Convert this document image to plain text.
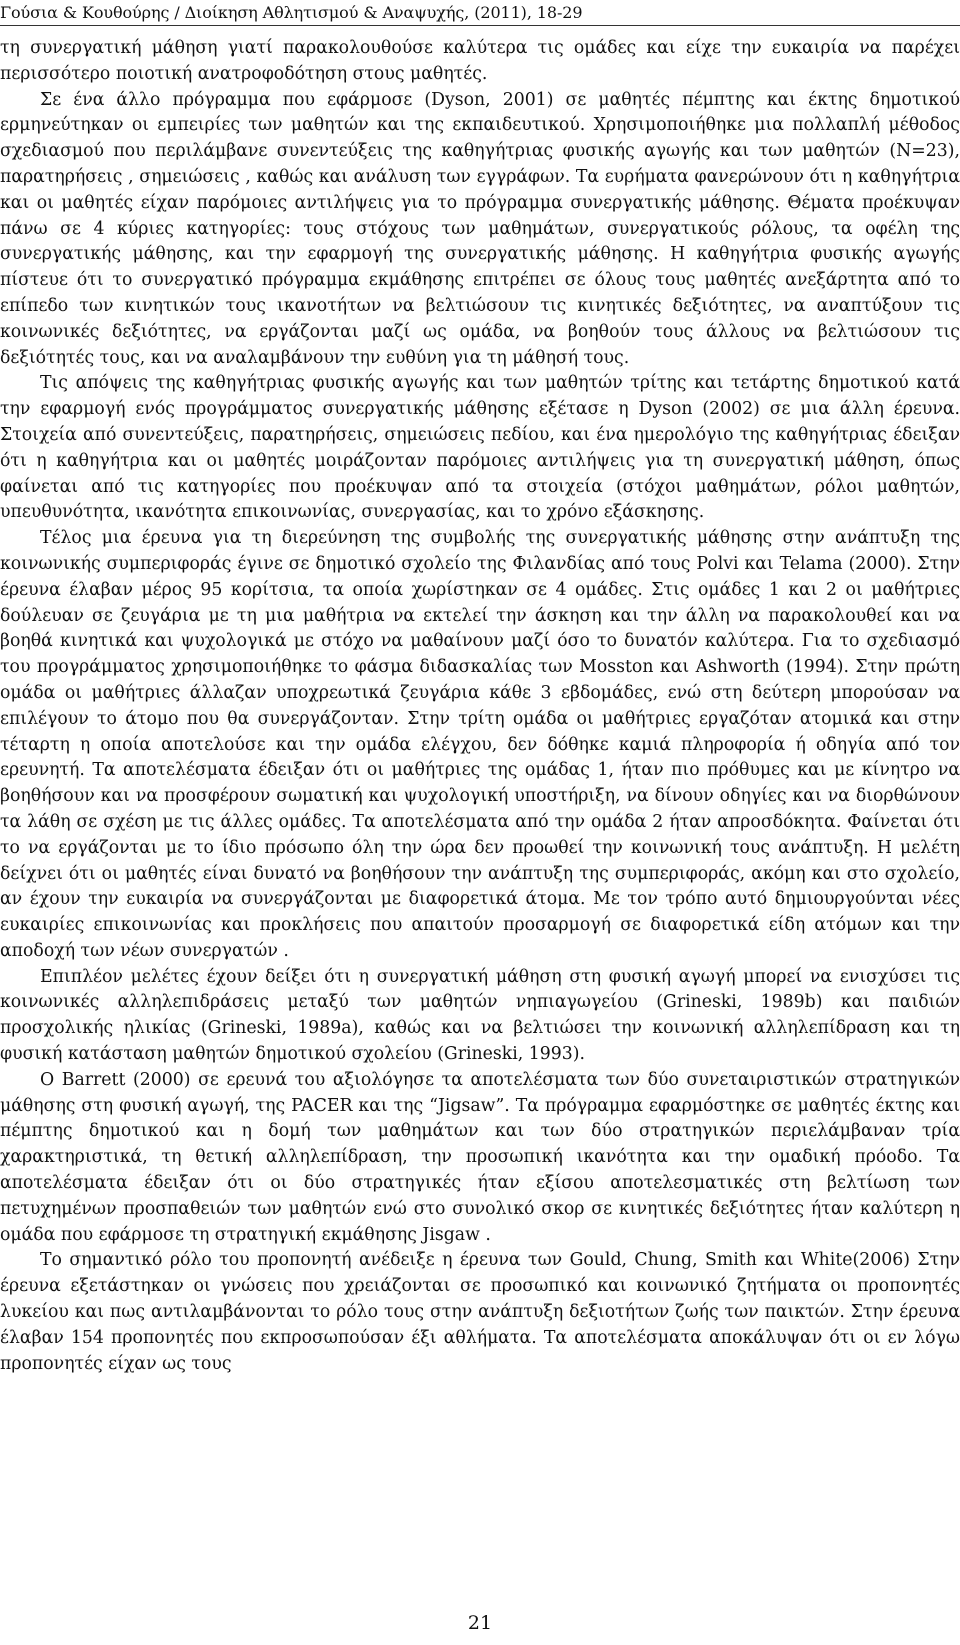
Γούσια & Κουθούρης / Διοίκηση Αθλητισμού & Αναψυχής, (2011), 18-29

τη συνεργατική μάθηση γιατί παρακολουθούσε καλύτερα τις ομάδες και είχε την ευκαιρία να παρέχει περισσότερο ποιοτική ανατροφοδότηση στους μαθητές.

Σε ένα άλλο πρόγραμμα που εφάρμοσε (Dyson, 2001) σε μαθητές πέμπτης και έκτης δημοτικού ερμηνεύτηκαν οι εμπειρίες των μαθητών και της εκπαιδευτικού. Χρησιμοποιήθηκε μια πολλαπλή μέθοδος σχεδιασμού που περιλάμβανε συνεντεύξεις της καθηγήτριας φυσικής αγωγής και των μαθητών (N=23), παρατηρήσεις , σημειώσεις , καθώς και ανάλυση των εγγράφων. Τα ευρήματα φανερώνουν ότι η καθηγήτρια και οι μαθητές είχαν παρόμοιες αντιλήψεις για το πρόγραμμα συνεργατικής μάθησης. Θέματα προέκυψαν πάνω σε 4 κύριες κατηγορίες: τους στόχους των μαθημάτων, συνεργατικούς ρόλους, τα οφέλη της συνεργατικής μάθησης, και την εφαρμογή της συνεργατικής μάθησης. Η καθηγήτρια φυσικής αγωγής πίστευε ότι το συνεργατικό πρόγραμμα εκμάθησης επιτρέπει σε όλους τους μαθητές ανεξάρτητα από το επίπεδο των κινητικών τους ικανοτήτων να βελτιώσουν τις κινητικές δεξιότητες, να αναπτύξουν τις κοινωνικές δεξιότητες, να εργάζονται μαζί ως ομάδα, να βοηθούν τους άλλους να βελτιώσουν τις δεξιότητές τους, και να αναλαμβάνουν την ευθύνη για τη μάθησή τους.

Τις απόψεις της καθηγήτριας φυσικής αγωγής και των μαθητών τρίτης και τετάρτης δημοτικού κατά την εφαρμογή ενός προγράμματος συνεργατικής μάθησης εξέτασε η Dyson (2002) σε μια άλλη έρευνα. Στοιχεία από συνεντεύξεις, παρατηρήσεις, σημειώσεις πεδίου, και ένα ημερολόγιο της καθηγήτριας έδειξαν ότι η καθηγήτρια και οι μαθητές μοιράζονταν παρόμοιες αντιλήψεις για τη συνεργατική μάθηση, όπως φαίνεται από τις κατηγορίες που προέκυψαν από τα στοιχεία (στόχοι μαθημάτων, ρόλοι μαθητών, υπευθυνότητα, ικανότητα επικοινωνίας, συνεργασίας, και το χρόνο εξάσκησης.

Τέλος μια έρευνα για τη διερεύνηση της συμβολής της συνεργατικής μάθησης στην ανάπτυξη της κοινωνικής συμπεριφοράς έγινε σε δημοτικό σχολείο της Φιλανδίας από τους Polvi και Telama (2000). Στην έρευνα έλαβαν μέρος 95 κορίτσια, τα οποία χωρίστηκαν σε 4 ομάδες. Στις ομάδες 1 και 2 οι μαθήτριες δούλευαν σε ζευγάρια με τη μια μαθήτρια να εκτελεί την άσκηση και την άλλη να παρακολουθεί και να βοηθά κινητικά και ψυχολογικά με στόχο να μαθαίνουν μαζί όσο το δυνατόν καλύτερα. Για το σχεδιασμό του προγράμματος χρησιμοποιήθηκε το φάσμα διδασκαλίας των Mosston και Ashworth (1994). Στην πρώτη ομάδα οι μαθήτριες άλλαζαν υποχρεωτικά ζευγάρια κάθε 3 εβδομάδες, ενώ στη δεύτερη μπορούσαν να επιλέγουν το άτομο που θα συνεργάζονταν. Στην τρίτη ομάδα οι μαθήτριες εργαζόταν ατομικά και στην τέταρτη η οποία αποτελούσε και την ομάδα ελέγχου, δεν δόθηκε καμιά πληροφορία ή οδηγία από τον ερευνητή. Τα αποτελέσματα έδειξαν ότι οι μαθήτριες της ομάδας 1, ήταν πιο πρόθυμες και με κίνητρο να βοηθήσουν και να προσφέρουν σωματική και ψυχολογική υποστήριξη, να δίνουν οδηγίες και να διορθώνουν τα λάθη σε σχέση με τις άλλες ομάδες. Τα αποτελέσματα από την ομάδα 2 ήταν απροσδόκητα. Φαίνεται ότι το να εργάζονται με το ίδιο πρόσωπο όλη την ώρα δεν προωθεί την κοινωνική τους ανάπτυξη. Η μελέτη δείχνει ότι οι μαθητές είναι δυνατό να βοηθήσουν την ανάπτυξη της συμπεριφοράς, ακόμη και στο σχολείο, αν έχουν την ευκαιρία να συνεργάζονται με διαφορετικά άτομα. Με τον τρόπο αυτό δημιουργούνται νέες ευκαιρίες επικοινωνίας και προκλήσεις που απαιτούν προσαρμογή σε διαφορετικά είδη ατόμων και την αποδοχή των νέων συνεργατών .

Επιπλέον μελέτες έχουν δείξει ότι η συνεργατική μάθηση στη φυσική αγωγή μπορεί να ενισχύσει τις κοινωνικές αλληλεπιδράσεις μεταξύ των μαθητών νηπιαγωγείου (Grineski, 1989b) και παιδιών προσχολικής ηλικίας (Grineski, 1989a), καθώς και να βελτιώσει την κοινωνική αλληλεπίδραση και τη φυσική κατάσταση μαθητών δημοτικού σχολείου (Grineski, 1993).

Ο Barrett (2000) σε ερευνά του αξιολόγησε τα αποτελέσματα των δύο συνεταιριστικών στρατηγικών μάθησης στη φυσική αγωγή, της PACER και της “Jigsaw”. Τα πρόγραμμα εφαρμόστηκε σε μαθητές έκτης και πέμπτης δημοτικού και η δομή των μαθημάτων και των δύο στρατηγικών περιελάμβαναν τρία χαρακτηριστικά, τη θετική αλληλεπίδραση, την προσωπική ικανότητα και την ομαδική πρόοδο. Τα αποτελέσματα έδειξαν ότι οι δύο στρατηγικές ήταν εξίσου αποτελεσματικές στη βελτίωση των πετυχημένων προσπαθειών των μαθητών ενώ στο συνολικό σκορ σε κινητικές δεξιότητες ήταν καλύτερη η ομάδα που εφάρμοσε τη στρατηγική εκμάθησης Jisgaw .

Το σημαντικό ρόλο του προπονητή ανέδειξε η έρευνα των Gould, Chung, Smith και White(2006) Στην έρευνα εξετάστηκαν οι γνώσεις που χρειάζονται σε προσωπικό και κοινωνικό ζητήματα οι προπονητές λυκείου και πως αντιλαμβάνονται το ρόλο τους στην ανάπτυξη δεξιοτήτων ζωής των παικτών. Στην έρευνα έλαβαν 154 προπονητές που εκπροσωπούσαν έξι αθλήματα. Τα αποτελέσματα αποκάλυψαν ότι οι εν λόγω προπονητές είχαν ως τους

21
